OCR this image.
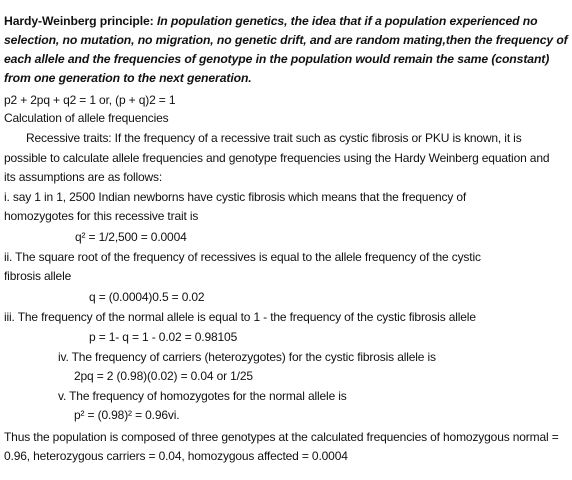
Hardy-Weinberg principle: In population genetics, the idea that if a population experienced no
selection, no mutation, no migration, no genetic drift, and are random mating,then the frequency of
each allele and the frequencies of genotype in the population would remain the same (constant)
from one generation to the next generation.
p2 + 2pq + q2 = 1 or, (p + q)2 = 1
Calculation of allele frequencies
Recessive traits: If the frequency of a recessive trait such as cystic fibrosis or PKU is known, it is
possible to calculate allele frequencies and genotype frequencies using the Hardy Weinberg equation and
its assumptions are as follows:
i. say 1 in 1, 2500 Indian newborns have cystic fibrosis which means that the frequency of
homozygotes for this recessive trait is
q² = 1/2,500 = 0.0004
ii. The square root of the frequency of recessives is equal to the allele frequency of the cystic
fibrosis allele
q = (0.0004)0.5 = 0.02
iii. The frequency of the normal allele is equal to 1 - the frequency of the cystic fibrosis allele
p = 1- q = 1 - 0.02 = 0.98105
iv. The frequency of carriers (heterozygotes) for the cystic fibrosis allele is
2pq = 2 (0.98)(0.02) = 0.04 or 1/25
v. The frequency of homozygotes for the normal allele is
p² = (0.98)² = 0.96vi.
Thus the population is composed of three genotypes at the calculated frequencies of homozygous normal =
0.96, heterozygous carriers = 0.04, homozygous affected = 0.0004
